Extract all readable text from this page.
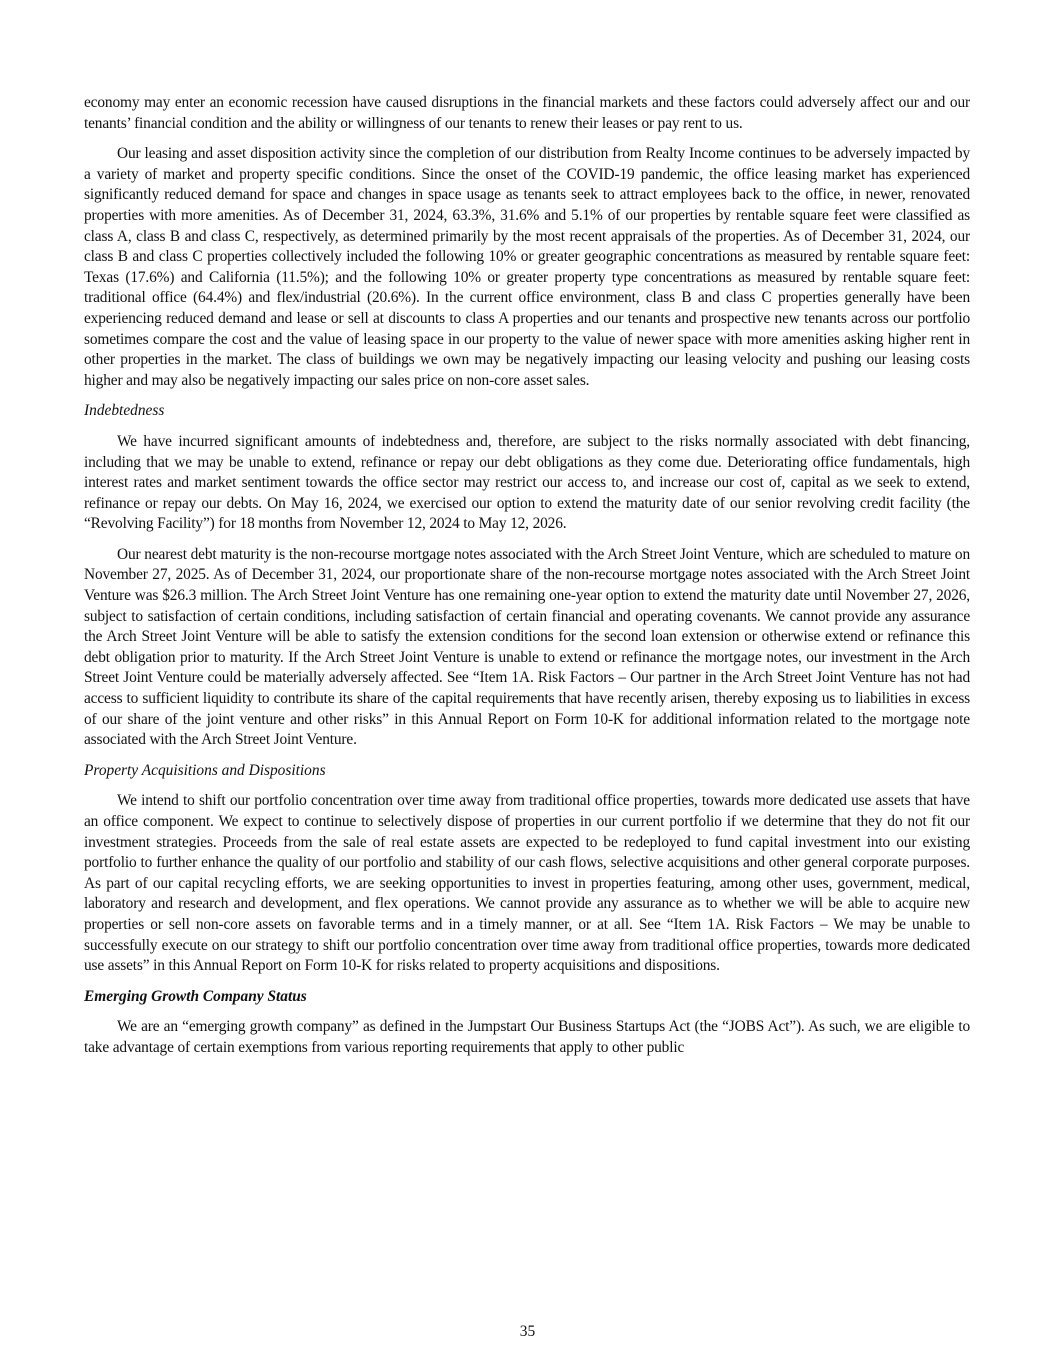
economy may enter an economic recession have caused disruptions in the financial markets and these factors could adversely affect our and our tenants’ financial condition and the ability or willingness of our tenants to renew their leases or pay rent to us.

Our leasing and asset disposition activity since the completion of our distribution from Realty Income continues to be adversely impacted by a variety of market and property specific conditions. Since the onset of the COVID-19 pandemic, the office leasing market has experienced significantly reduced demand for space and changes in space usage as tenants seek to attract employees back to the office, in newer, renovated properties with more amenities. As of December 31, 2024, 63.3%, 31.6% and 5.1% of our properties by rentable square feet were classified as class A, class B and class C, respectively, as determined primarily by the most recent appraisals of the properties. As of December 31, 2024, our class B and class C properties collectively included the following 10% or greater geographic concentrations as measured by rentable square feet: Texas (17.6%) and California (11.5%); and the following 10% or greater property type concentrations as measured by rentable square feet: traditional office (64.4%) and flex/industrial (20.6%). In the current office environment, class B and class C properties generally have been experiencing reduced demand and lease or sell at discounts to class A properties and our tenants and prospective new tenants across our portfolio sometimes compare the cost and the value of leasing space in our property to the value of newer space with more amenities asking higher rent in other properties in the market. The class of buildings we own may be negatively impacting our leasing velocity and pushing our leasing costs higher and may also be negatively impacting our sales price on non-core asset sales.

Indebtedness

We have incurred significant amounts of indebtedness and, therefore, are subject to the risks normally associated with debt financing, including that we may be unable to extend, refinance or repay our debt obligations as they come due. Deteriorating office fundamentals, high interest rates and market sentiment towards the office sector may restrict our access to, and increase our cost of, capital as we seek to extend, refinance or repay our debts. On May 16, 2024, we exercised our option to extend the maturity date of our senior revolving credit facility (the “Revolving Facility”) for 18 months from November 12, 2024 to May 12, 2026.

Our nearest debt maturity is the non-recourse mortgage notes associated with the Arch Street Joint Venture, which are scheduled to mature on November 27, 2025. As of December 31, 2024, our proportionate share of the non-recourse mortgage notes associated with the Arch Street Joint Venture was $26.3 million. The Arch Street Joint Venture has one remaining one-year option to extend the maturity date until November 27, 2026, subject to satisfaction of certain conditions, including satisfaction of certain financial and operating covenants. We cannot provide any assurance the Arch Street Joint Venture will be able to satisfy the extension conditions for the second loan extension or otherwise extend or refinance this debt obligation prior to maturity. If the Arch Street Joint Venture is unable to extend or refinance the mortgage notes, our investment in the Arch Street Joint Venture could be materially adversely affected. See “Item 1A. Risk Factors – Our partner in the Arch Street Joint Venture has not had access to sufficient liquidity to contribute its share of the capital requirements that have recently arisen, thereby exposing us to liabilities in excess of our share of the joint venture and other risks” in this Annual Report on Form 10-K for additional information related to the mortgage note associated with the Arch Street Joint Venture.

Property Acquisitions and Dispositions

We intend to shift our portfolio concentration over time away from traditional office properties, towards more dedicated use assets that have an office component. We expect to continue to selectively dispose of properties in our current portfolio if we determine that they do not fit our investment strategies. Proceeds from the sale of real estate assets are expected to be redeployed to fund capital investment into our existing portfolio to further enhance the quality of our portfolio and stability of our cash flows, selective acquisitions and other general corporate purposes. As part of our capital recycling efforts, we are seeking opportunities to invest in properties featuring, among other uses, government, medical, laboratory and research and development, and flex operations. We cannot provide any assurance as to whether we will be able to acquire new properties or sell non-core assets on favorable terms and in a timely manner, or at all. See “Item 1A. Risk Factors – We may be unable to successfully execute on our strategy to shift our portfolio concentration over time away from traditional office properties, towards more dedicated use assets” in this Annual Report on Form 10-K for risks related to property acquisitions and dispositions.

Emerging Growth Company Status

We are an “emerging growth company” as defined in the Jumpstart Our Business Startups Act (the “JOBS Act”). As such, we are eligible to take advantage of certain exemptions from various reporting requirements that apply to other public

35
